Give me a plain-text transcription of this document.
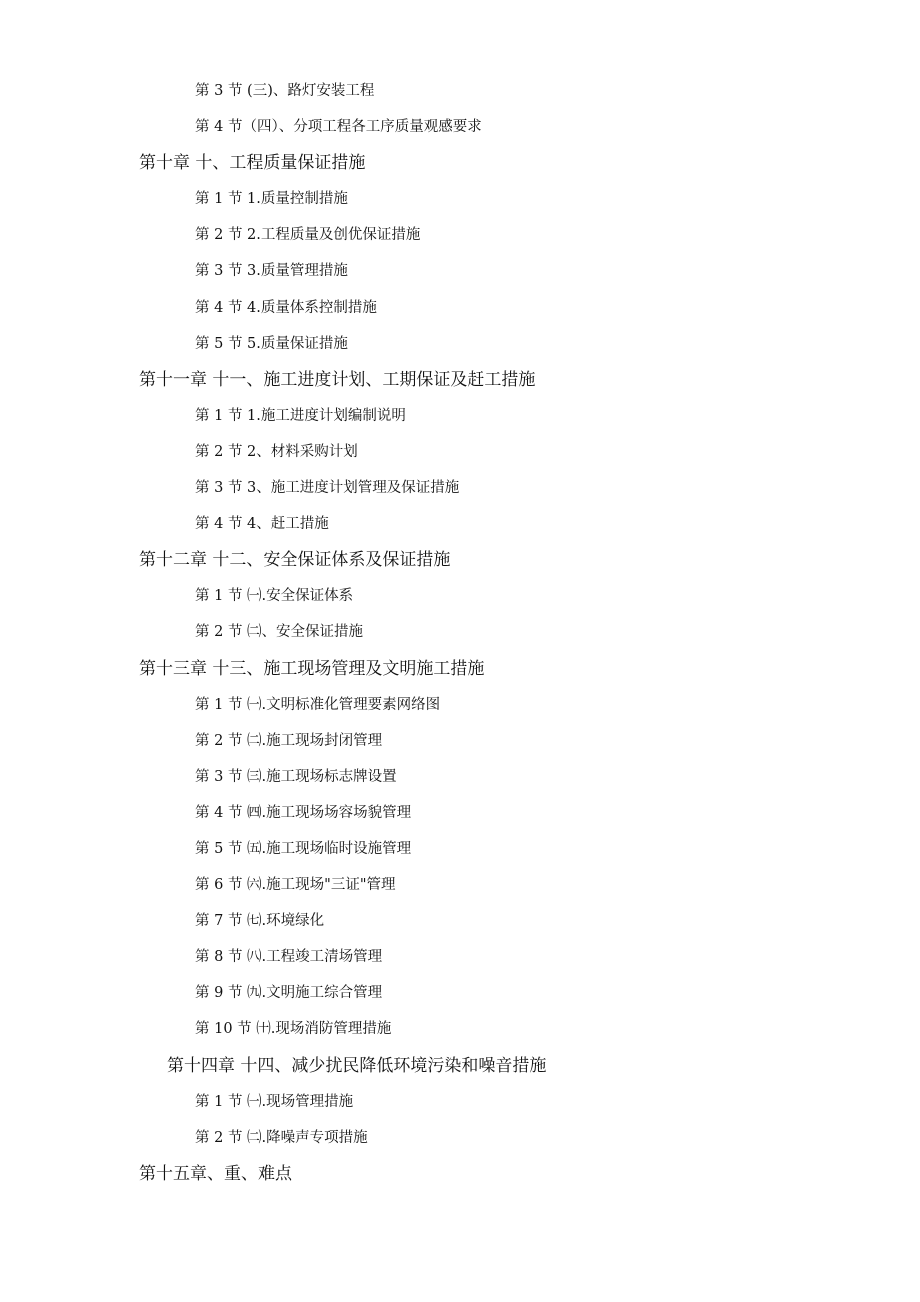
第 3 节 (三)、路灯安装工程
第 4 节（四）、分项工程各工序质量观感要求
第十章 十、工程质量保证措施
第 1 节 1.质量控制措施
第 2 节 2.工程质量及创优保证措施
第 3 节 3.质量管理措施
第 4 节 4.质量体系控制措施
第 5 节 5.质量保证措施
第十一章 十一、施工进度计划、工期保证及赶工措施
第 1 节 1.施工进度计划编制说明
第 2 节 2、材料采购计划
第 3 节 3、施工进度计划管理及保证措施
第 4 节 4、赶工措施
第十二章 十二、安全保证体系及保证措施
第 1 节 ㈠.安全保证体系
第 2 节 ㈡、安全保证措施
第十三章 十三、施工现场管理及文明施工措施
第 1 节 ㈠.文明标准化管理要素网络图
第 2 节 ㈡.施工现场封闭管理
第 3 节 ㈢.施工现场标志牌设置
第 4 节 ㈣.施工现场场容场貌管理
第 5 节 ㈤.施工现场临时设施管理
第 6 节 ㈥.施工现场"三证"管理
第 7 节 ㈦.环境绿化
第 8 节 ㈧.工程竣工清场管理
第 9 节 ㈨.文明施工综合管理
第 10 节 ㈩.现场消防管理措施
第十四章 十四、减少扰民降低环境污染和噪音措施
第 1 节 ㈠.现场管理措施
第 2 节 ㈡.降噪声专项措施
第十五章、重、难点
